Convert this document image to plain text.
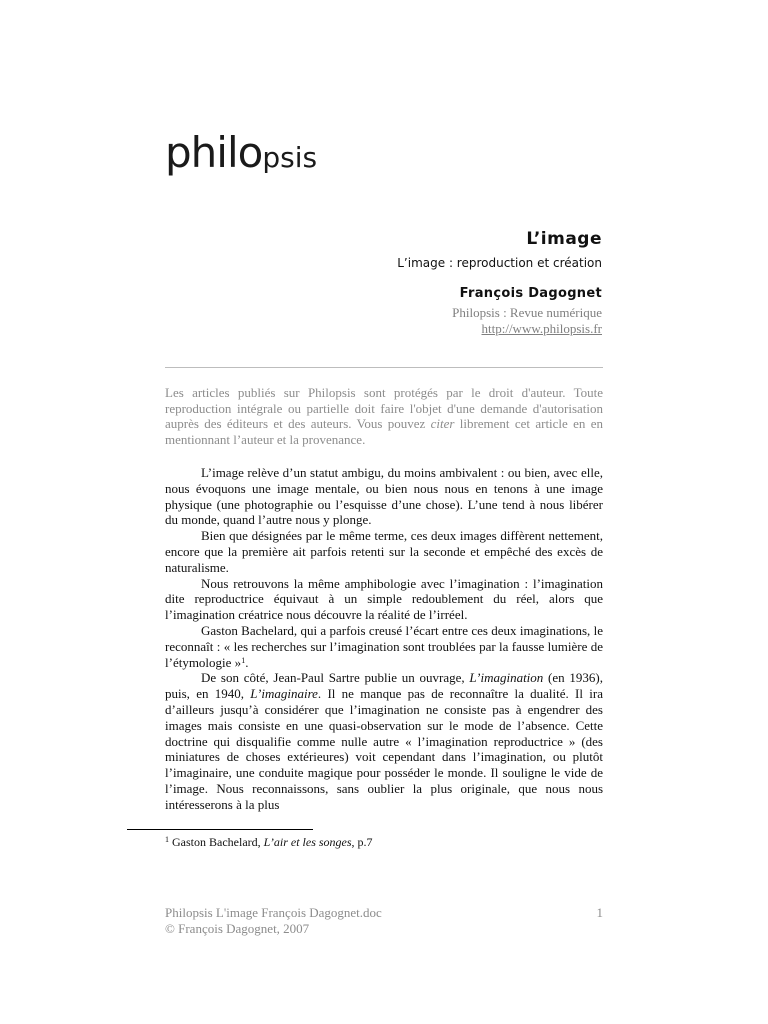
philopsis
L’image
L’image : reproduction et création
François Dagognet
Philopsis : Revue numérique
http://www.philopsis.fr
Les articles publiés sur Philopsis sont protégés par le droit d'auteur. Toute reproduction intégrale ou partielle doit faire l'objet d'une demande d'autorisation auprès des éditeurs et des auteurs. Vous pouvez citer librement cet article en en mentionnant l’auteur et la provenance.

L’image relève d’un statut ambigu, du moins ambivalent : ou bien, avec elle, nous évoquons une image mentale, ou bien nous nous en tenons à une image physique (une photographie ou l’esquisse d’une chose). L’une tend à nous libérer du monde, quand l’autre nous y plonge.

Bien que désignées par le même terme, ces deux images diffèrent nettement, encore que la première ait parfois retenti sur la seconde et empêché des excès de naturalisme.

Nous retrouvons la même amphibologie avec l’imagination : l’imagination dite reproductrice équivaut à un simple redoublement du réel, alors que l’imagination créatrice nous découvre la réalité de l’irréel.

Gaston Bachelard, qui a parfois creusé l’écart entre ces deux imaginations, le reconnaît : « les recherches sur l’imagination sont troublées par la fausse lumière de l’étymologie »$^1$.

De son côté, Jean-Paul Sartre publie un ouvrage, L’imagination (en 1936), puis, en 1940, L’imaginaire. Il ne manque pas de reconnaître la dualité. Il ira d’ailleurs jusqu’à considérer que l’imagination ne consiste pas à engendrer des images mais consiste en une quasi-observation sur le mode de l’absence. Cette doctrine qui disqualifie comme nulle autre « l’imagination reproductrice » (des miniatures de choses extérieures) voit cependant dans l’imagination, ou plutôt l’imaginaire, une conduite magique pour posséder le monde. Il souligne le vide de l’image. Nous reconnaissons, sans oublier la plus originale, que nous nous intéresserons à la plus

$^1$ Gaston Bachelard, L’air et les songes, p.7
Philopsis L'image François Dagognet.doc	1
© François Dagognet, 2007
